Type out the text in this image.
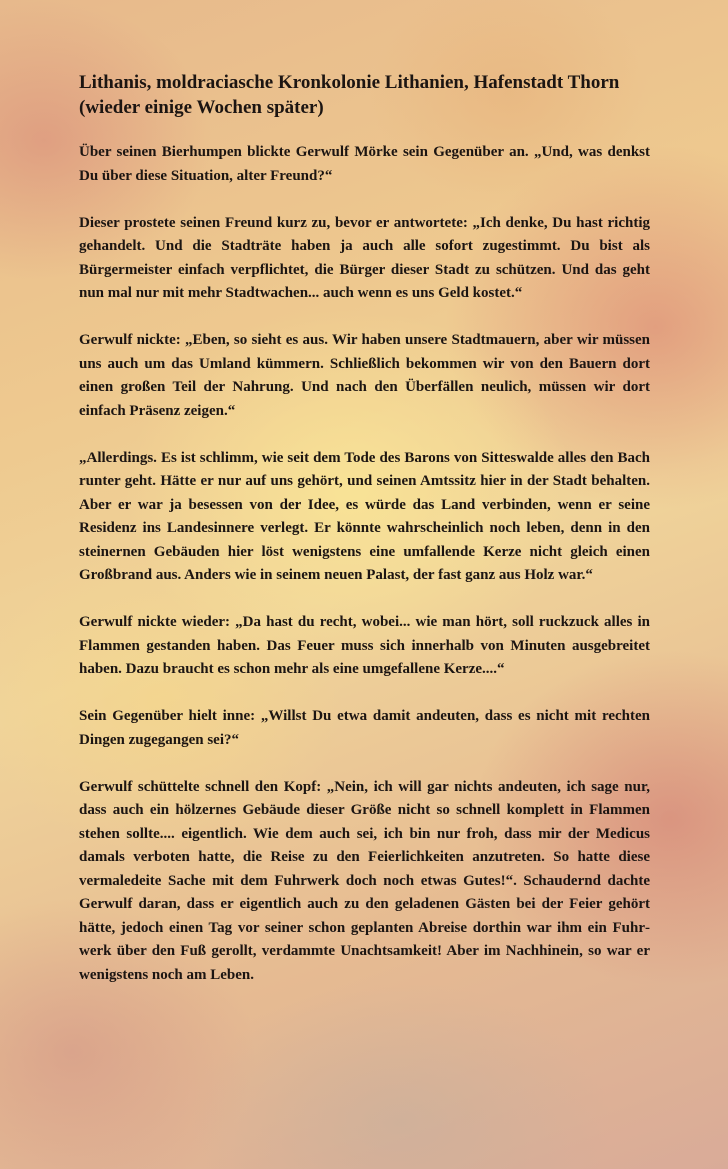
Lithanis, moldraciasche Kronkolonie Lithanien, Hafenstadt Thorn
(wieder einige Wochen später)

Über seinen Bierhumpen blickte Gerwulf Mörke sein Gegenüber an. „Und, was denkst Du über diese Situation, alter Freund?“

Dieser prostete seinen Freund kurz zu, bevor er antwortete: „Ich denke, Du hast richtig gehandelt. Und die Stadträte haben ja auch alle sofort zugestimmt. Du bist als Bürgermeister einfach verpflichtet, die Bürger dieser Stadt zu schützen. Und das geht nun mal nur mit mehr Stadtwachen... auch wenn es uns Geld kostet.“

Gerwulf nickte: „Eben, so sieht es aus. Wir haben unsere Stadtmauern, aber wir müssen uns auch um das Umland kümmern. Schließlich bekommen wir von den Bauern dort einen großen Teil der Nahrung. Und nach den Überfällen neulich, müssen wir dort einfach Präsenz zeigen.“

„Allerdings. Es ist schlimm, wie seit dem Tode des Barons von Sitteswalde alles den Bach runter geht. Hätte er nur auf uns gehört, und seinen Amtssitz hier in der Stadt behalten. Aber er war ja besessen von der Idee, es würde das Land verbinden, wenn er seine Residenz ins Landesinnere verlegt. Er könnte wahrscheinlich noch leben, denn in den steinernen Gebäuden hier löst wenigstens eine umfallende Kerze nicht gleich einen Großbrand aus. Anders wie in seinem neuen Palast, der fast ganz aus Holz war.“

Gerwulf nickte wieder: „Da hast du recht, wobei... wie man hört, soll ruckzuck alles in Flammen gestanden haben. Das Feuer muss sich innerhalb von Minuten ausgebreitet haben. Dazu braucht es schon mehr als eine umgefallene Kerze....“

Sein Gegenüber hielt inne: „Willst Du etwa damit andeuten, dass es nicht mit rechten Dingen zugegangen sei?“

Gerwulf schüttelte schnell den Kopf: „Nein, ich will gar nichts andeuten, ich sage nur, dass auch ein hölzernes Gebäude dieser Größe nicht so schnell komplett in Flammen stehen sollte.... eigentlich. Wie dem auch sei, ich bin nur froh, dass mir der Medicus damals verboten hatte, die Reise zu den Feierlichkeiten anzutreten. So hatte diese vermaledeite Sache mit dem Fuhrwerk doch noch etwas Gutes!“. Schaudernd dachte Gerwulf daran, dass er eigentlich auch zu den geladenen Gästen bei der Feier gehört hätte, jedoch einen Tag vor seiner schon geplanten Abreise dorthin war ihm ein Fuhrwerk über den Fuß gerollt, verdammte Unachtsamkeit! Aber im Nachhinein, so war er wenigstens noch am Leben.
